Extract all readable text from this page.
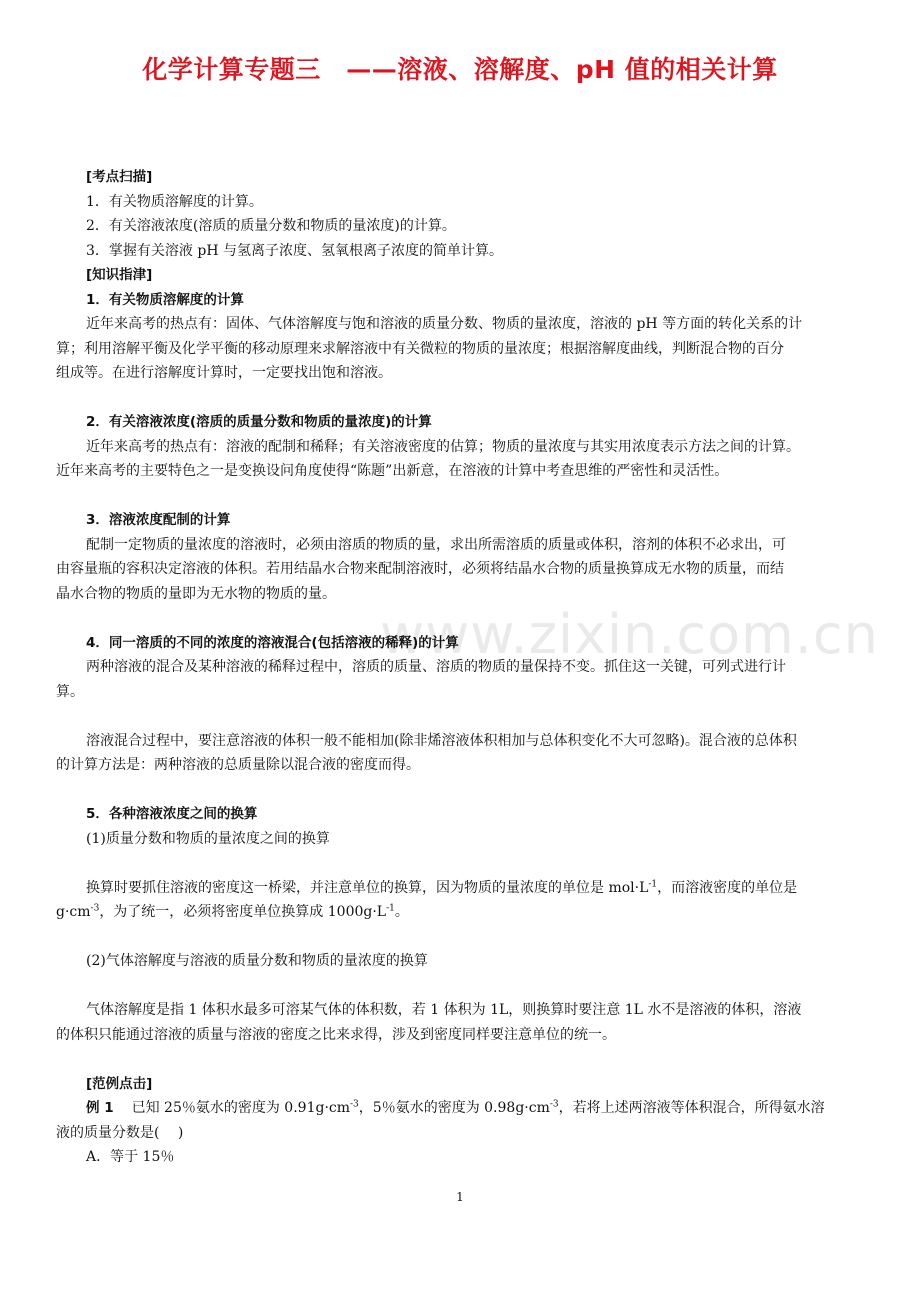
化学计算专题三　——溶液、溶解度、pH 值的相关计算
www.zixin.com.cn
[考点扫描]
1．有关物质溶解度的计算。
2．有关溶液浓度(溶质的质量分数和物质的量浓度)的计算。
3．掌握有关溶液 pH 与氢离子浓度、氢氧根离子浓度的简单计算。
[知识指津]
1．有关物质溶解度的计算
近年来高考的热点有：固体、气体溶解度与饱和溶液的质量分数、物质的量浓度，溶液的 pH 等方面的转化关系的计
算；利用溶解平衡及化学平衡的移动原理来求解溶液中有关微粒的物质的量浓度；根据溶解度曲线，判断混合物的百分
组成等。在进行溶解度计算时，一定要找出饱和溶液。
2．有关溶液浓度(溶质的质量分数和物质的量浓度)的计算
近年来高考的热点有：溶液的配制和稀释；有关溶液密度的估算；物质的量浓度与其实用浓度表示方法之间的计算。
近年来高考的主要特色之一是变换设问角度使得“陈题”出新意，在溶液的计算中考查思维的严密性和灵活性。
3．溶液浓度配制的计算
配制一定物质的量浓度的溶液时，必须由溶质的物质的量，求出所需溶质的质量或体积，溶剂的体积不必求出，可
由容量瓶的容积决定溶液的体积。若用结晶水合物来配制溶液时，必须将结晶水合物的质量换算成无水物的质量，而结
晶水合物的物质的量即为无水物的物质的量。
4．同一溶质的不同的浓度的溶液混合(包括溶液的稀释)的计算
两种溶液的混合及某种溶液的稀释过程中，溶质的质量、溶质的物质的量保持不变。抓住这一关键，可列式进行计
算。
溶液混合过程中，要注意溶液的体积一般不能相加(除非烯溶液体积相加与总体积变化不大可忽略)。混合液的总体积
的计算方法是：两种溶液的总质量除以混合液的密度而得。
5．各种溶液浓度之间的换算
(1)质量分数和物质的量浓度之间的换算
换算时要抓住溶液的密度这一桥梁，并注意单位的换算，因为物质的量浓度的单位是 $mol\cdot L^{-1}$，而溶液密度的单位是
$g\cdot cm^{-3}$，为了统一，必须将密度单位换算成 $1000g\cdot L^{-1}$。
(2)气体溶解度与溶液的质量分数和物质的量浓度的换算
气体溶解度是指 1 体积水最多可溶某气体的体积数，若 1 体积为 1L，则换算时要注意 1L 水不是溶液的体积，溶液
的体积只能通过溶液的质量与溶液的密度之比来求得，涉及到密度同样要注意单位的统一。
[范例点击]
例 1 已知 25％氨水的密度为 $0.91g\cdot cm^{-3}$，5％氨水的密度为 $0.98g\cdot cm^{-3}$，若将上述两溶液等体积混合，所得氨水溶
液的质量分数是(　 )
A．等于 15％
1
